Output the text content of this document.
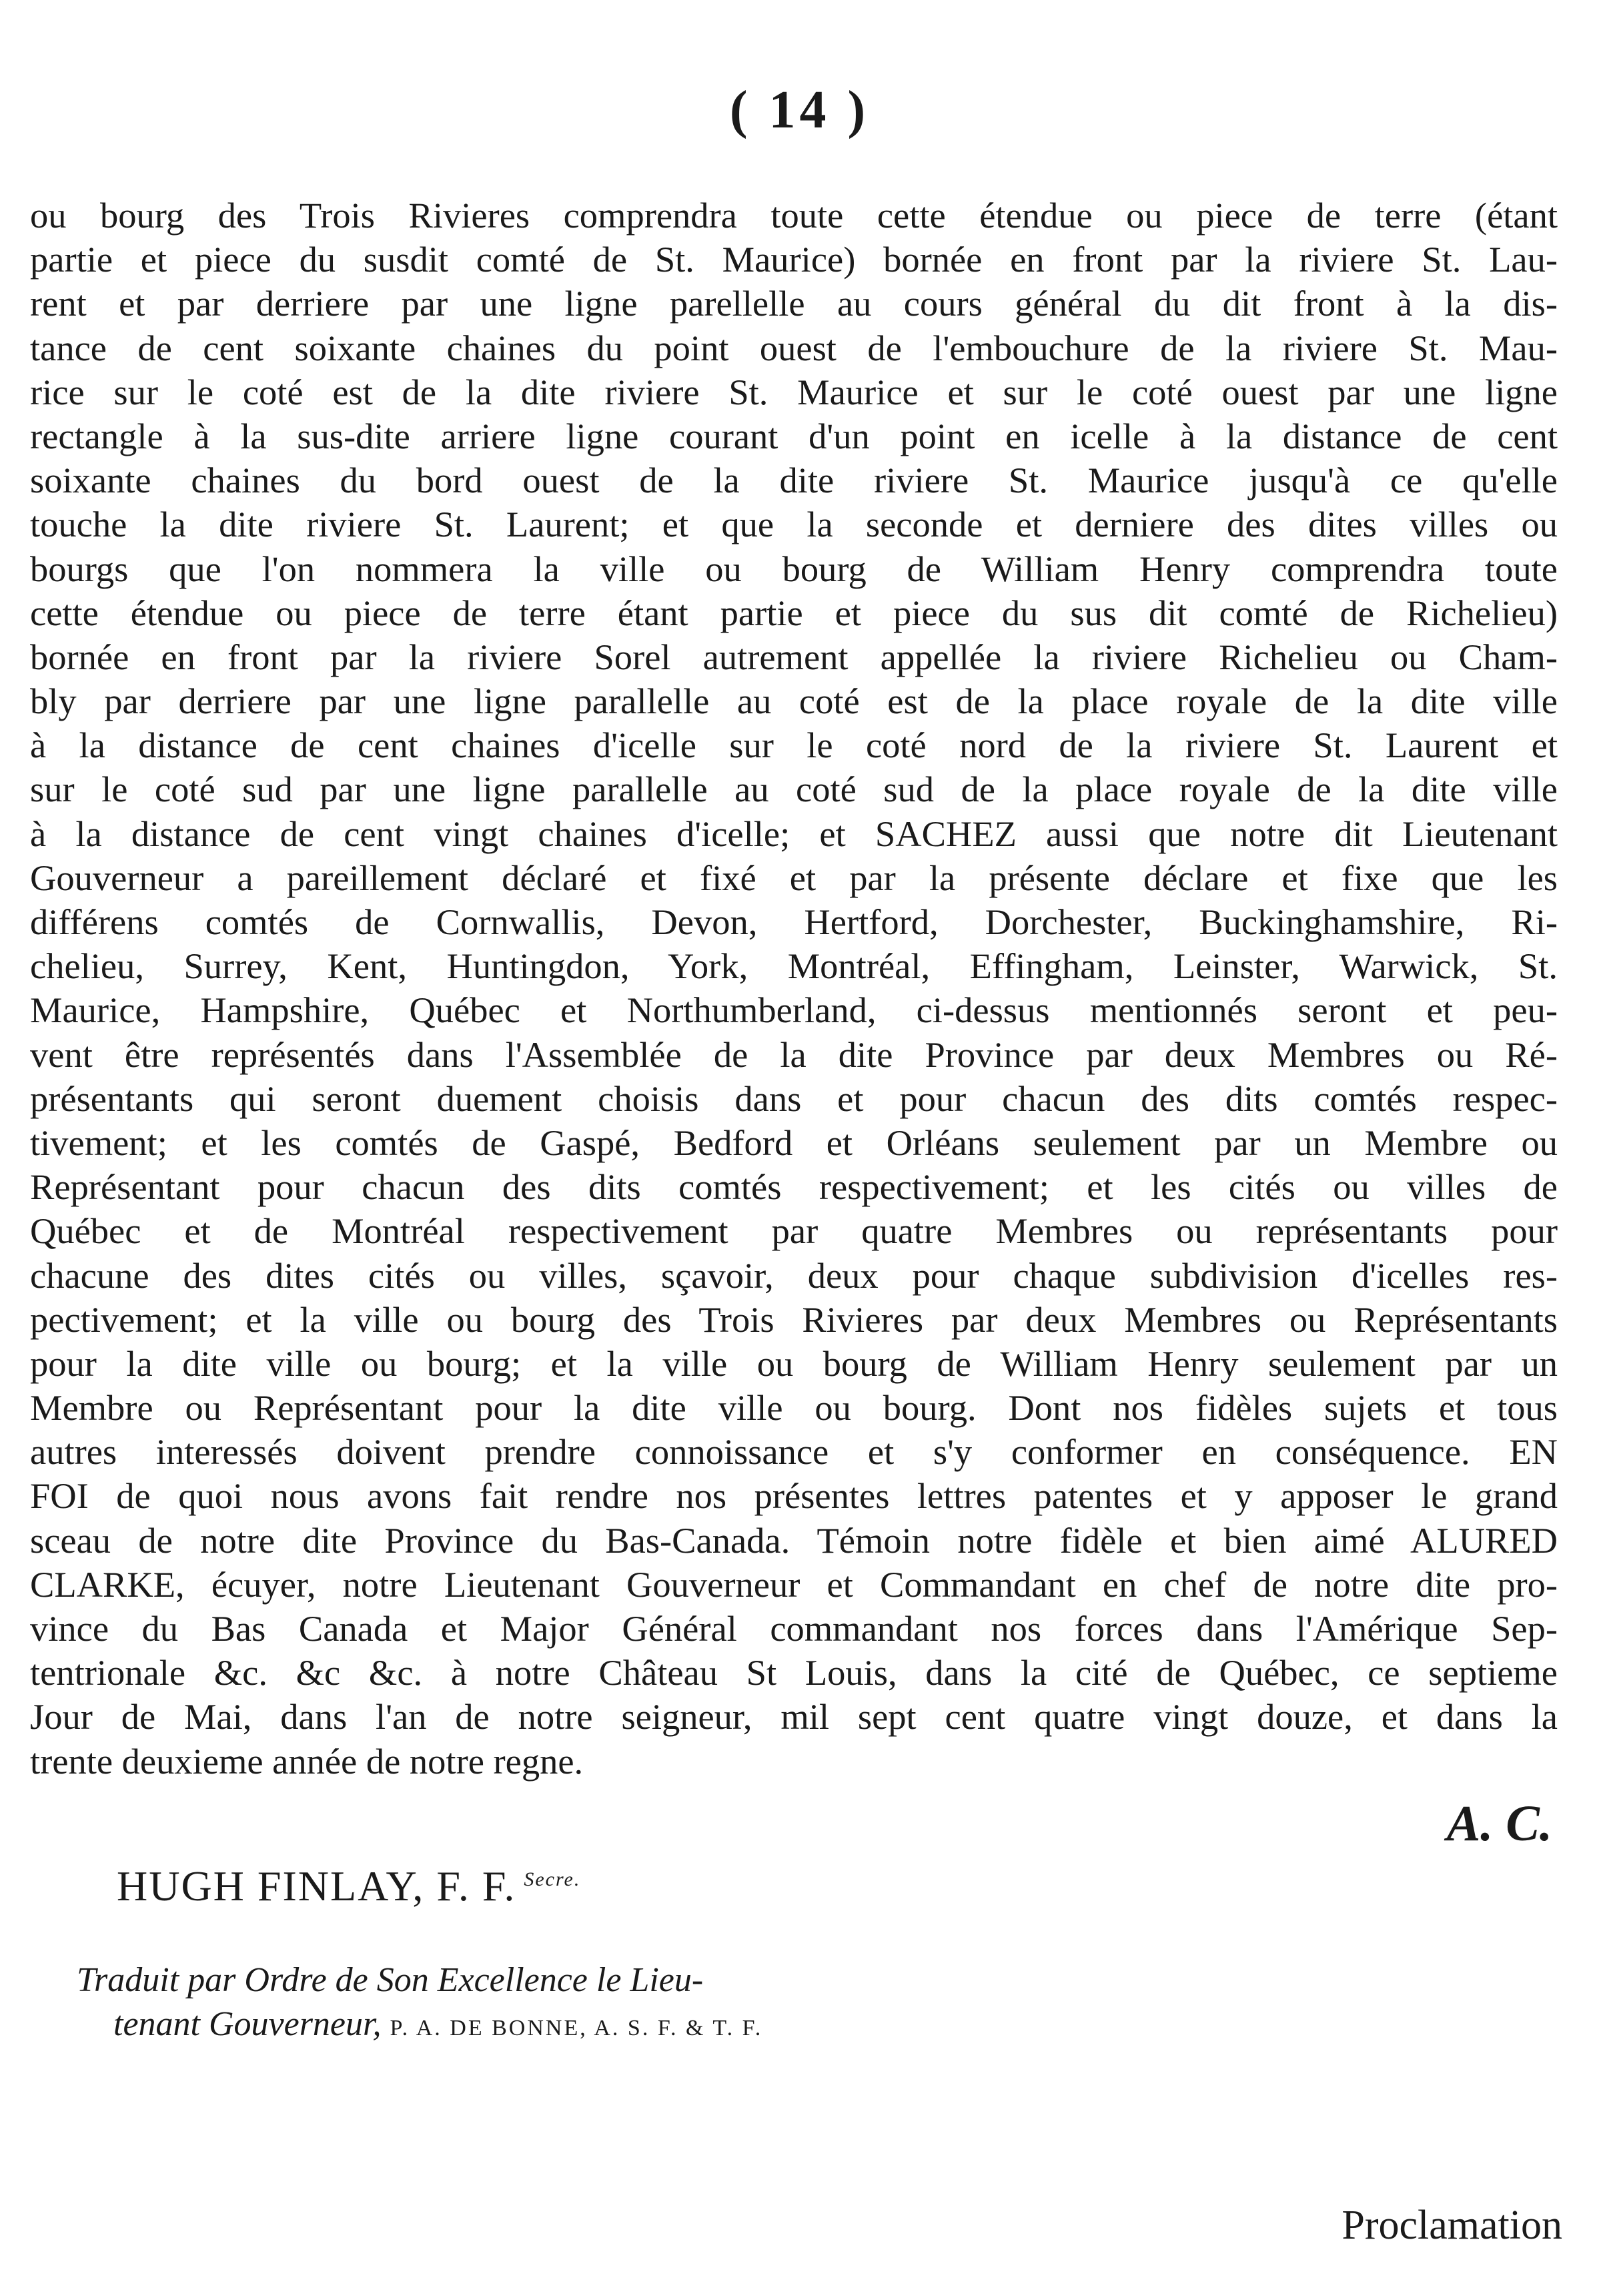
( 14 )
ou bourg des Trois Rivieres comprendra toute cette étendue ou piece de terre (étant
partie et piece du susdit comté de St. Maurice) bornée en front par la riviere St. Lau-
rent et par derriere par une ligne parellelle au cours général du dit front à la dis-
tance de cent soixante chaines du point ouest de l'embouchure de la riviere St. Mau-
rice sur le coté est de la dite riviere St. Maurice et sur le coté ouest par une ligne
rectangle à la sus-dite arriere ligne courant d'un point en icelle à la distance de cent
soixante chaines du bord ouest de la dite riviere St. Maurice jusqu'à ce qu'elle
touche la dite riviere St. Laurent; et que la seconde et derniere des dites villes ou
bourgs que l'on nommera la ville ou bourg de William Henry comprendra toute
cette étendue ou piece de terre étant partie et piece du sus dit comté de Richelieu)
bornée en front par la riviere Sorel autrement appellée la riviere Richelieu ou Cham-
bly par derriere par une ligne parallelle au coté est de la place royale de la dite ville
à la distance de cent chaines d'icelle sur le coté nord de la riviere St. Laurent et
sur le coté sud par une ligne parallelle au coté sud de la place royale de la dite ville
à la distance de cent vingt chaines d'icelle; et SACHEZ aussi que notre dit Lieutenant
Gouverneur a pareillement déclaré et fixé et par la présente déclare et fixe que les
différens comtés de Cornwallis, Devon, Hertford, Dorchester, Buckinghamshire, Ri-
chelieu, Surrey, Kent, Huntingdon, York, Montréal, Effingham, Leinster, Warwick, St.
Maurice, Hampshire, Québec et Northumberland, ci-dessus mentionnés seront et peu-
vent être représentés dans l'Assemblée de la dite Province par deux Membres ou Ré-
présentants qui seront duement choisis dans et pour chacun des dits comtés respec-
tivement; et les comtés de Gaspé, Bedford et Orléans seulement par un Membre ou
Représentant pour chacun des dits comtés respectivement; et les cités ou villes de
Québec et de Montréal respectivement par quatre Membres ou représentants pour
chacune des dites cités ou villes, sçavoir, deux pour chaque subdivision d'icelles res-
pectivement; et la ville ou bourg des Trois Rivieres par deux Membres ou Représentants
pour la dite ville ou bourg; et la ville ou bourg de William Henry seulement par un
Membre ou Représentant pour la dite ville ou bourg. Dont nos fidèles sujets et tous
autres interessés doivent prendre connoissance et s'y conformer en conséquence. EN
FOI de quoi nous avons fait rendre nos présentes lettres patentes et y apposer le grand
sceau de notre dite Province du Bas-Canada. Témoin notre fidèle et bien aimé ALURED
CLARKE, écuyer, notre Lieutenant Gouverneur et Commandant en chef de notre dite pro-
vince du Bas Canada et Major Général commandant nos forces dans l'Amérique Sep-
tentrionale &c. &c &c. à notre Château St Louis, dans la cité de Québec, ce septieme
Jour de Mai, dans l'an de notre seigneur, mil sept cent quatre vingt douze, et dans la
trente deuxieme année de notre regne.
A. C.
HUGH FINLAY, F. F. $^{Secre.}$
Traduit par Ordre de Son Excellence le Lieu-
tenant Gouverneur, P. A. DE BONNE, A. S. F. & T. F.
Proclamation
